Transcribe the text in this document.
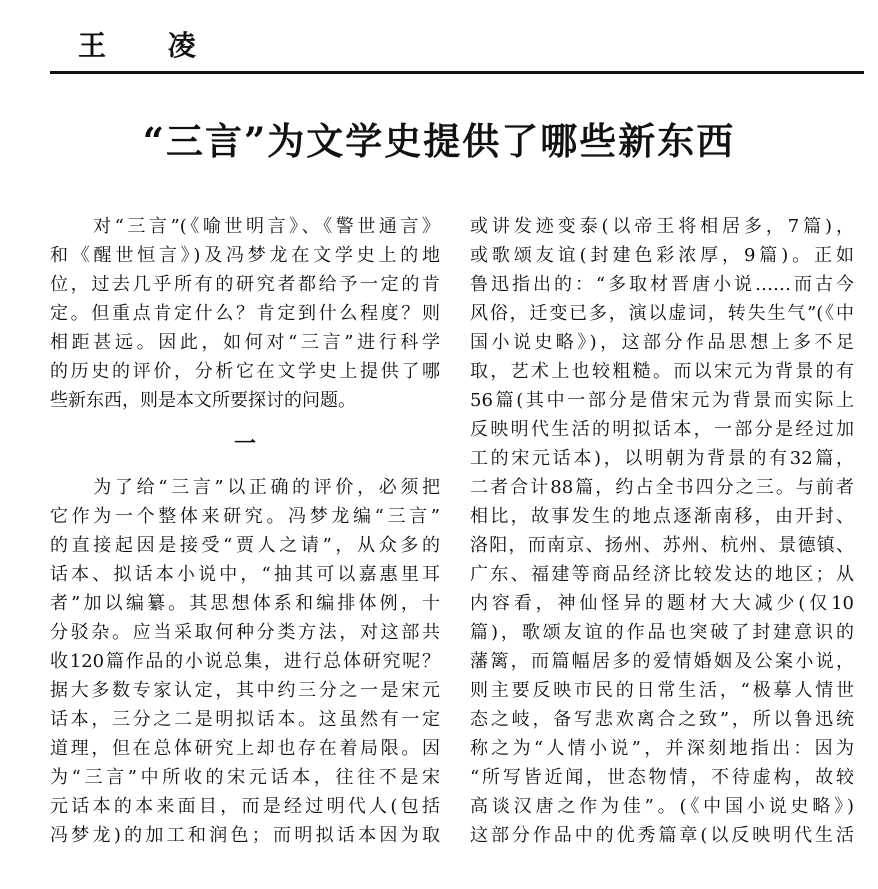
王 凌
“三言”为文学史提供了哪些新东西
　　对“三言”(《喻世明言》、《警世通言》
和《醒世恒言》)及冯梦龙在文学史上的地
位，过去几乎所有的研究者都给予一定的肯
定。但重点肯定什么？肯定到什么程度？则
相距甚远。因此，如何对“三言”进行科学
的历史的评价，分析它在文学史上提供了哪
些新东西，则是本文所要探讨的问题。
一
　　为了给“三言”以正确的评价，必须把
它作为一个整体来研究。冯梦龙编“三言”
的直接起因是接受“贾人之请”，从众多的
话本、拟话本小说中，“抽其可以嘉惠里耳
者”加以编纂。其思想体系和编排体例，十
分驳杂。应当采取何种分类方法，对这部共
收120篇作品的小说总集，进行总体研究呢？
据大多数专家认定，其中约三分之一是宋元
话本，三分之二是明拟话本。这虽然有一定
道理，但在总体研究上却也存在着局限。因
为“三言”中所收的宋元话本，往往不是宋
元话本的本来面目，而是经过明代人(包括
冯梦龙)的加工和润色；而明拟话本因为取
或讲发迹变泰(以帝王将相居多，7篇)，
或歌颂友谊(封建色彩浓厚，9篇)。正如
鲁迅指出的：“多取材晋唐小说……而古今
风俗，迁变已多，演以虚词，转失生气”(《中
国小说史略》)，这部分作品思想上多不足
取，艺术上也较粗糙。而以宋元为背景的有
56篇(其中一部分是借宋元为背景而实际上
反映明代生活的明拟话本，一部分是经过加
工的宋元话本)，以明朝为背景的有32篇，
二者合计88篇，约占全书四分之三。与前者
相比，故事发生的地点逐渐南移，由开封、
洛阳，而南京、扬州、苏州、杭州、景德镇、
广东、福建等商品经济比较发达的地区；从
内容看，神仙怪异的题材大大减少(仅10
篇)，歌颂友谊的作品也突破了封建意识的
藩篱，而篇幅居多的爱情婚姻及公案小说，
则主要反映市民的日常生活，“极摹人情世
态之岐，备写悲欢离合之致”，所以鲁迅统
称之为“人情小说”，并深刻地指出：因为
“所写皆近闻，世态物情，不待虚构，故较
高谈汉唐之作为佳”。(《中国小说史略》)
这部分作品中的优秀篇章(以反映明代生活
